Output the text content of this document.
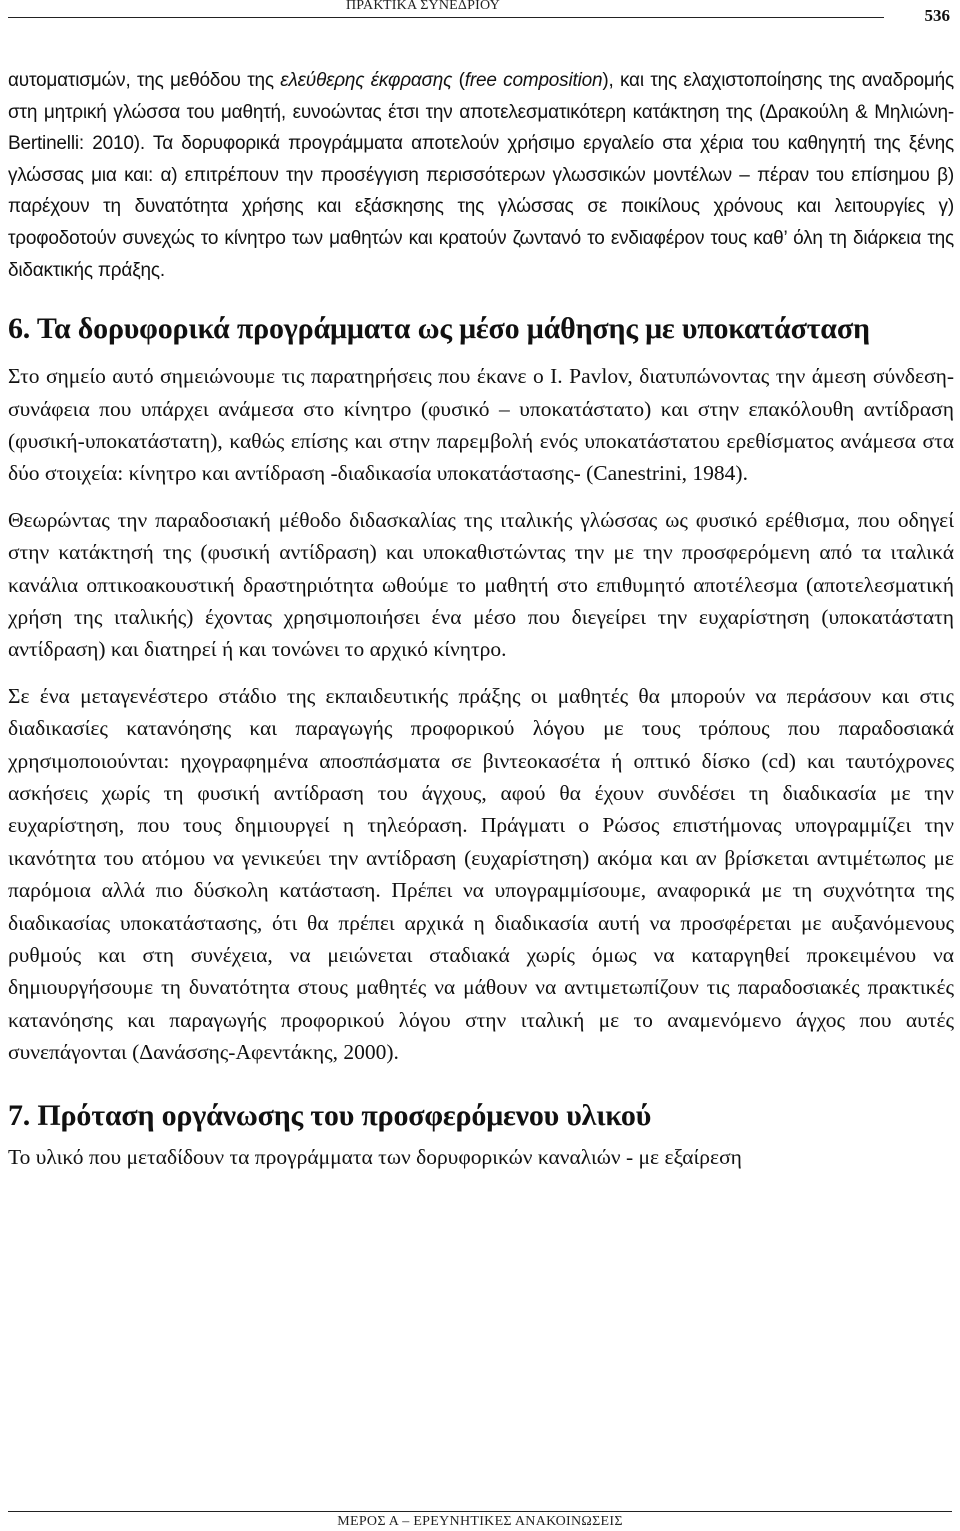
ΠΡΑΚΤΙΚΑ ΣΥΝΕΔΡΙΟΥ
536

αυτοματισμών, της μεθόδου της ελεύθερης έκφρασης (free composition), και της ελαχιστοποίησης της αναδρομής στη μητρική γλώσσα του μαθητή, ευνοώντας έτσι την αποτελεσματικότερη κατάκτηση της (Δρακούλη & Μηλιώνη-Bertinelli: 2010). Τα δορυφορικά προγράμματα αποτελούν χρήσιμο εργαλείο στα χέρια του καθηγητή της ξένης γλώσσας μια και: α) επιτρέπουν την προσέγγιση περισσότερων γλωσσικών μοντέλων – πέραν του επίσημου β) παρέχουν τη δυνατότητα χρήσης και εξάσκησης της γλώσσας σε ποικίλους χρόνους και λειτουργίες γ) τροφοδοτούν συνεχώς το κίνητρο των μαθητών και κρατούν ζωντανό το ενδιαφέρον τους καθ’ όλη τη διάρκεια της διδακτικής πράξης.

6. Τα δορυφορικά προγράμματα ως μέσο μάθησης με υποκατάσταση

Στο σημείο αυτό σημειώνουμε τις παρατηρήσεις που έκανε ο I. Pavlov, διατυπώνοντας την άμεση σύνδεση-συνάφεια που υπάρχει ανάμεσα στο κίνητρο (φυσικό – υποκατάστατο) και στην επακόλουθη αντίδραση (φυσική-υποκατάστατη), καθώς επίσης και στην παρεμβολή ενός υποκατάστατου ερεθίσματος ανάμεσα στα δύο στοιχεία: κίνητρο και αντίδραση -διαδικασία υποκατάστασης- (Canestrini, 1984).

Θεωρώντας την παραδοσιακή μέθοδο διδασκαλίας της ιταλικής γλώσσας ως φυσικό ερέθισμα, που οδηγεί στην κατάκτησή της (φυσική αντίδραση) και υποκαθιστώντας την με την προσφερόμενη από τα ιταλικά κανάλια οπτικοακουστική δραστηριότητα ωθούμε το μαθητή στο επιθυμητό αποτέλεσμα (αποτελεσματική χρήση της ιταλικής) έχοντας χρησιμοποιήσει ένα μέσο που διεγείρει την ευχαρίστηση (υποκατάστατη αντίδραση) και διατηρεί ή και τονώνει το αρχικό κίνητρο.

Σε ένα μεταγενέστερο στάδιο της εκπαιδευτικής πράξης οι μαθητές θα μπορούν να περάσουν και στις διαδικασίες κατανόησης και παραγωγής προφορικού λόγου με τους τρόπους που παραδοσιακά χρησιμοποιούνται: ηχογραφημένα αποσπάσματα σε βιντεοκασέτα ή οπτικό δίσκο (cd) και ταυτόχρονες ασκήσεις χωρίς τη φυσική αντίδραση του άγχους, αφού θα έχουν συνδέσει τη διαδικασία με την ευχαρίστηση, που τους δημιουργεί η τηλεόραση. Πράγματι ο Ρώσος επιστήμονας υπογραμμίζει την ικανότητα του ατόμου να γενικεύει την αντίδραση (ευχαρίστηση) ακόμα και αν βρίσκεται αντιμέτωπος με παρόμοια αλλά πιο δύσκολη κατάσταση. Πρέπει να υπογραμμίσουμε, αναφορικά με τη συχνότητα της διαδικασίας υποκατάστασης, ότι θα πρέπει αρχικά η διαδικασία αυτή να προσφέρεται με αυξανόμενους ρυθμούς και στη συνέχεια, να μειώνεται σταδιακά χωρίς όμως να καταργηθεί προκειμένου να δημιουργήσουμε τη δυνατότητα στους μαθητές να μάθουν να αντιμετωπίζουν τις παραδοσιακές πρακτικές κατανόησης και παραγωγής προφορικού λόγου στην ιταλική με το αναμενόμενο άγχος που αυτές συνεπάγονται (Δανάσσης-Αφεντάκης, 2000).

7. Πρόταση οργάνωσης του προσφερόμενου υλικού

Το υλικό που μεταδίδουν τα προγράμματα των δορυφορικών καναλιών - με εξαίρεση

ΜΕΡΟΣ Α – ΕΡΕΥΝΗΤΙΚΕΣ ΑΝΑΚΟΙΝΩΣΕΙΣ
